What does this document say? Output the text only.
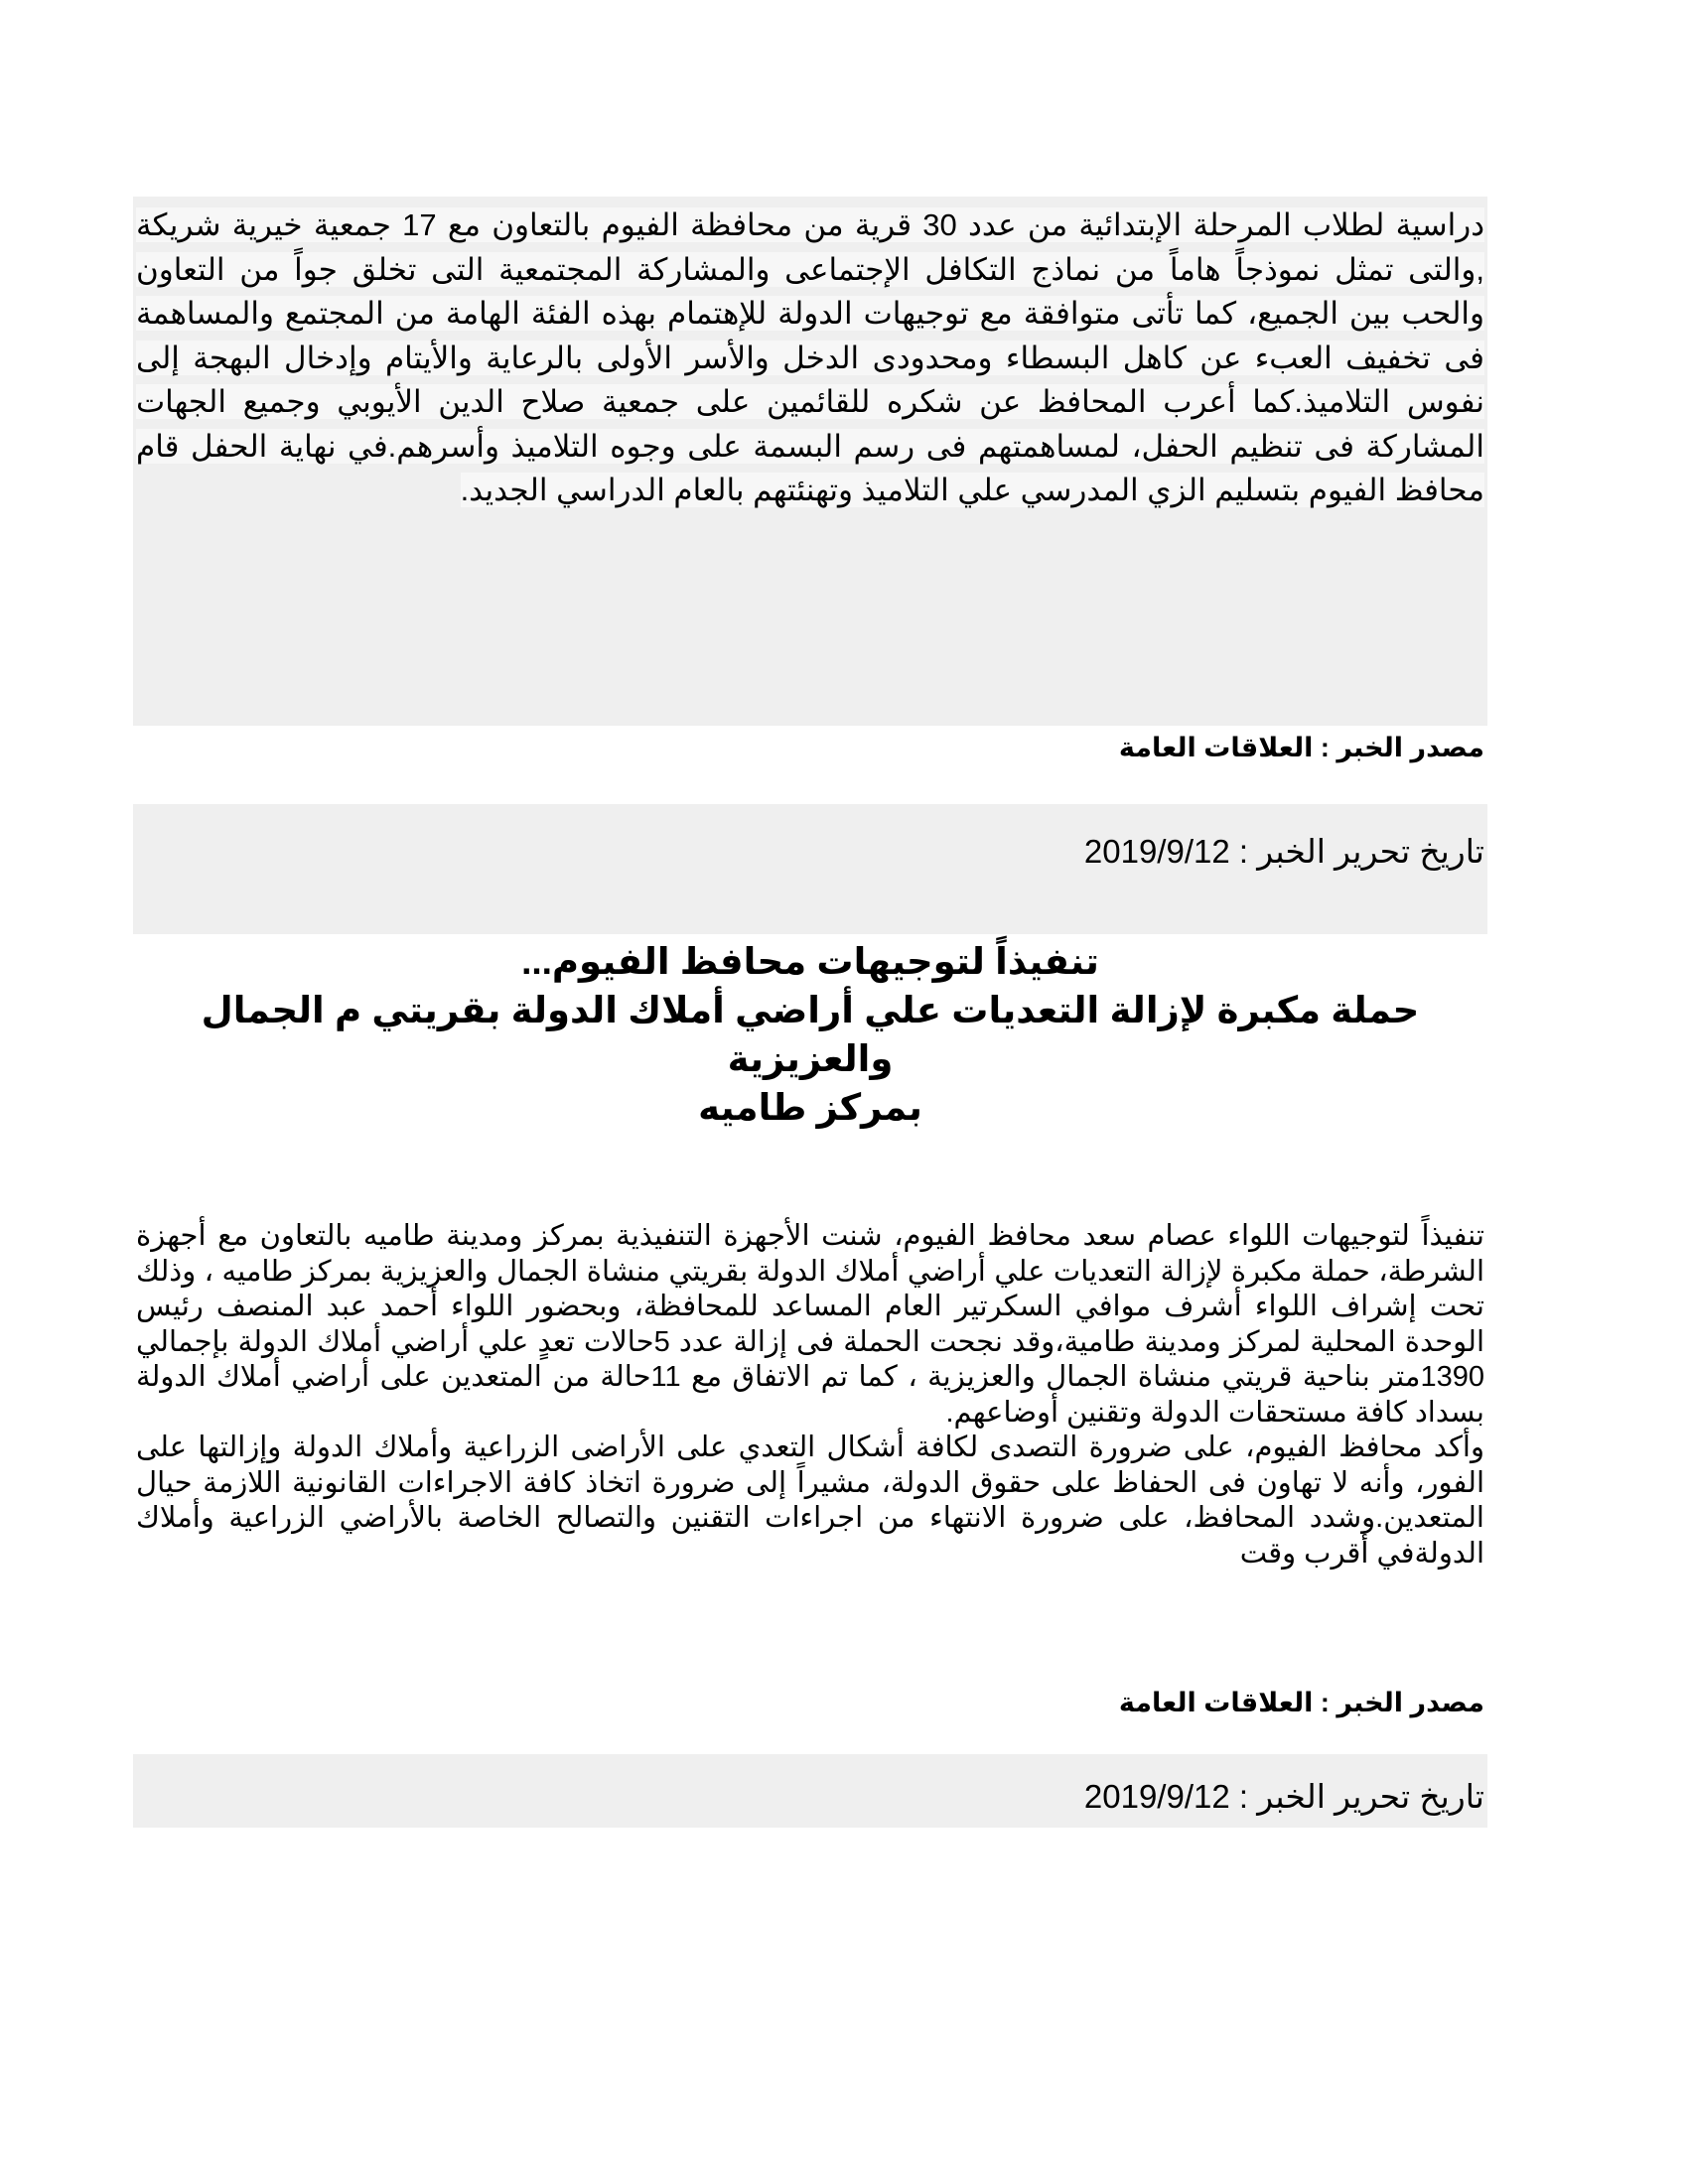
دراسية لطلاب المرحلة الإبتدائية من عدد 30 قرية من محافظة الفيوم بالتعاون مع 17 جمعية خيرية شريكة ,والتى تمثل نموذجاً هاماً من نماذج التكافل الإجتماعى والمشاركة المجتمعية التى تخلق جواً من التعاون والحب بين الجميع، كما تأتى متوافقة مع توجيهات الدولة للإهتمام بهذه الفئة الهامة من المجتمع والمساهمة فى تخفيف العبء عن كاهل البسطاء ومحدودى الدخل والأسر الأولى بالرعاية والأيتام وإدخال البهجة إلى نفوس التلاميذ.كما أعرب المحافظ عن شكره للقائمين على جمعية صلاح الدين الأيوبي وجميع الجهات المشاركة فى تنظيم الحفل، لمساهمتهم فى رسم البسمة على وجوه التلاميذ وأسرهم.في نهاية الحفل قام محافظ الفيوم بتسليم الزي المدرسي علي التلاميذ وتهنئتهم بالعام الدراسي الجديد.
مصدر الخبر : العلاقات العامة
تاريخ تحرير الخبر : 2019/9/12
تنفيذاً لتوجيهات محافظ الفيوم...
حملة مكبرة لإزالة التعديات علي أراضي أملاك الدولة بقريتي م الجمال والعزيزية
بمركز طاميه

تنفيذاً لتوجيهات اللواء عصام سعد محافظ الفيوم، شنت الأجهزة التنفيذية بمركز ومدينة طاميه بالتعاون مع أجهزة الشرطة، حملة مكبرة لإزالة التعديات علي أراضي أملاك الدولة بقريتي منشاة الجمال والعزيزية بمركز طاميه ، وذلك تحت إشراف اللواء أشرف موافي السكرتير العام المساعد للمحافظة، وبحضور اللواء أحمد عبد المنصف رئيس الوحدة المحلية لمركز ومدينة طامية،وقد نجحت الحملة فى إزالة عدد 5حالات تعدٍ علي أراضي أملاك الدولة بإجمالي 1390متر بناحية قريتي منشاة الجمال والعزيزية ، كما تم الاتفاق مع 11حالة من المتعدين على أراضي أملاك الدولة بسداد كافة مستحقات الدولة وتقنين أوضاعهم.

وأكد محافظ الفيوم، على ضرورة التصدى لكافة أشكال التعدي على الأراضى الزراعية وأملاك الدولة وإزالتها على الفور، وأنه لا تهاون فى الحفاظ على حقوق الدولة، مشيراً إلى ضرورة اتخاذ كافة الاجراءات القانونية اللازمة حيال المتعدين.وشدد المحافظ، على ضرورة الانتهاء من اجراءات التقنين والتصالح الخاصة بالأراضي الزراعية وأملاك الدولةفي أقرب وقت

مصدر الخبر : العلاقات العامة
تاريخ تحرير الخبر : 2019/9/12
